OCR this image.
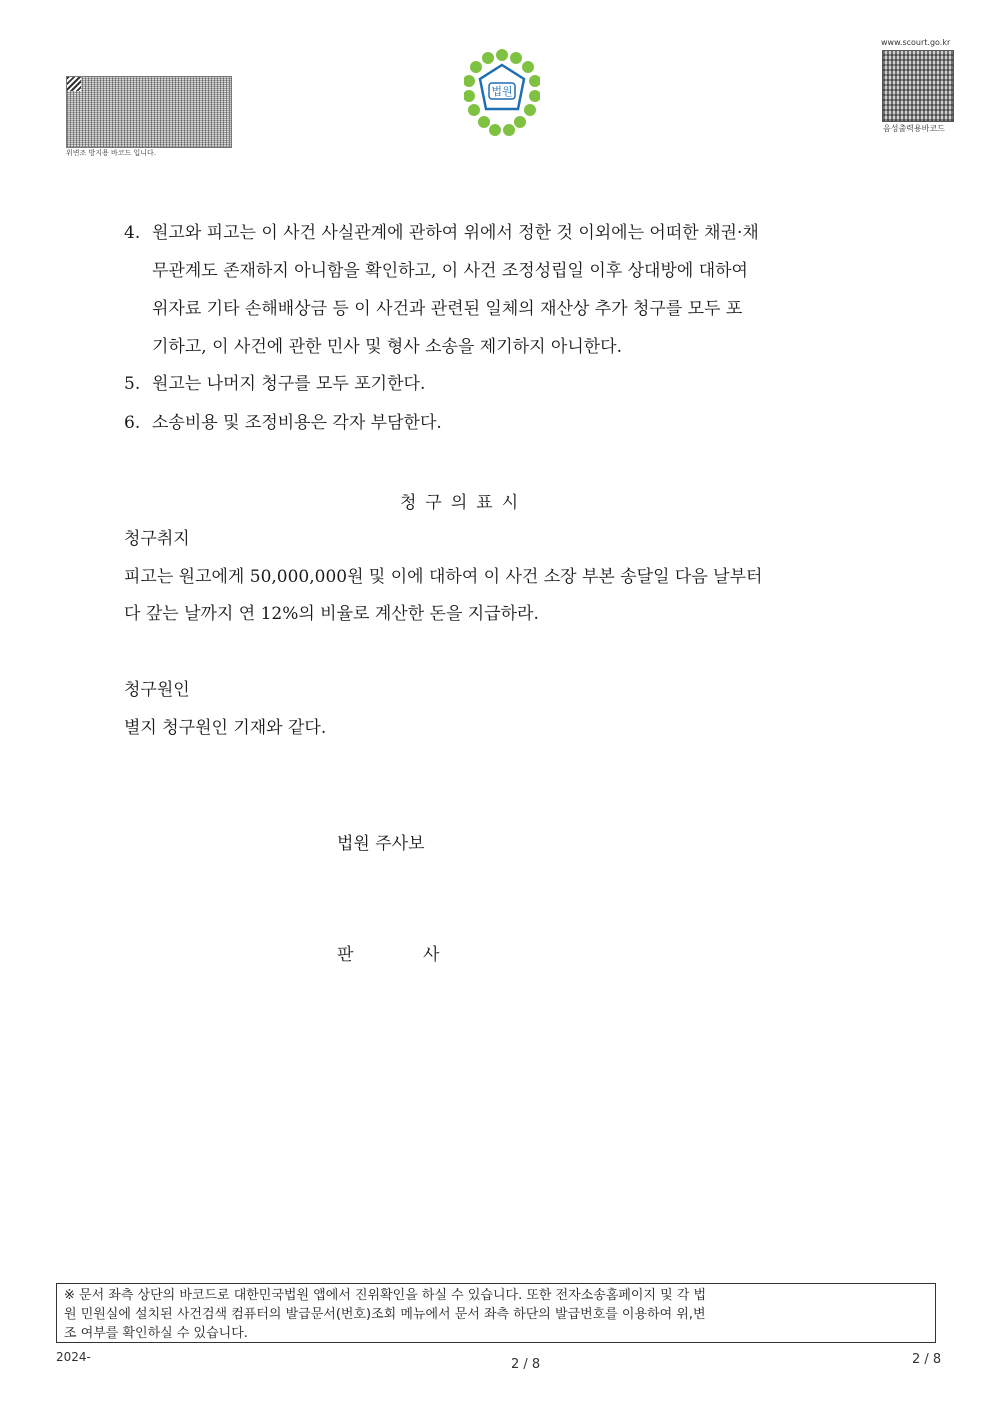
위변조 방지용 바코드 입니다.
법원
www.scourt.go.kr
음성출력용바코드
4. 원고와 피고는 이 사건 사실관계에 관하여 위에서 정한 것 이외에는 어떠한 채권·채
무관계도 존재하지 아니함을 확인하고, 이 사건 조정성립일 이후 상대방에 대하여
위자료 기타 손해배상금 등 이 사건과 관련된 일체의 재산상 추가 청구를 모두 포
기하고, 이 사건에 관한 민사 및 형사 소송을 제기하지 아니한다.
5. 원고는 나머지 청구를 모두 포기한다.
6. 소송비용 및 조정비용은 각자 부담한다.
청구의표시
청구취지
피고는 원고에게 50,000,000원 및 이에 대하여 이 사건 소장 부본 송달일 다음 날부터
다 갚는 날까지 연 12%의 비율로 계산한 돈을 지급하라.
청구원인
별지 청구원인 기재와 같다.
법원 주사보
판	사
※ 문서 좌측 상단의 바코드로 대한민국법원 앱에서 진위확인을 하실 수 있습니다. 또한 전자소송홈페이지 및 각 법
원 민원실에 설치된 사건검색 컴퓨터의 발급문서(번호)조회 메뉴에서 문서 좌측 하단의 발급번호를 이용하여 위,변
조 여부를 확인하실 수 있습니다.
2024-	2 / 8	2 / 8
